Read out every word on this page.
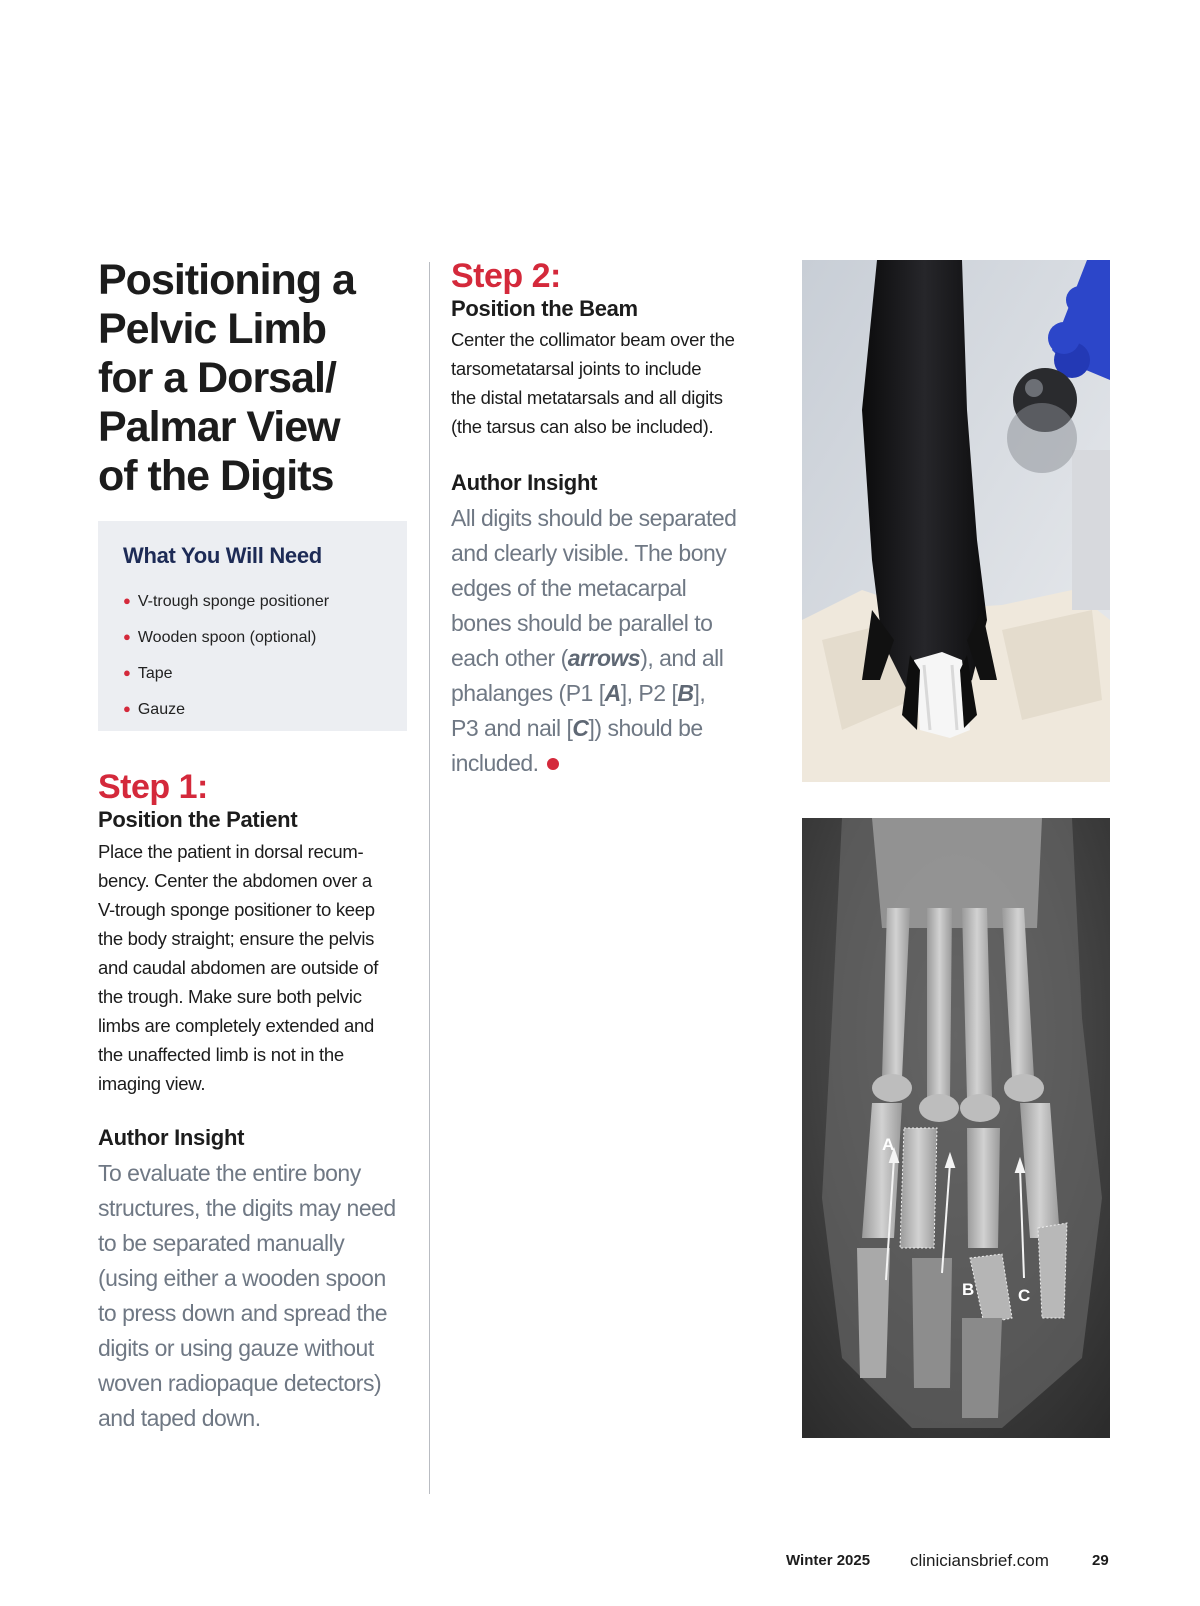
Positioning a
Pelvic Limb
for a Dorsal/
Palmar View
of the Digits
What You Will Need
● V-trough sponge positioner
● Wooden spoon (optional)
● Tape
● Gauze
Step 1:
Position the Patient

Place the patient in dorsal recum-
bency. Center the abdomen over a
V-trough sponge positioner to keep
the body straight; ensure the pelvis
and caudal abdomen are outside of
the trough. Make sure both pelvic
limbs are completely extended and
the unaffected limb is not in the
imaging view.

Author Insight

To evaluate the entire bony
structures, the digits may need
to be separated manually
(using either a wooden spoon
to press down and spread the
digits or using gauze without
woven radiopaque detectors)
and taped down.

Step 2:
Position the Beam

Center the collimator beam over the
tarsometatarsal joints to include
the distal metatarsals and all digits
(the tarsus can also be included).

Author Insight

All digits should be separated
and clearly visible. The bony
edges of the metacarpal
bones should be parallel to
each other (arrows), and all
phalanges (P1 [A], P2 [B],
P3 and nail [C]) should be
included.

A
B	C
Winter 2025 cliniciansbrief.com	29
